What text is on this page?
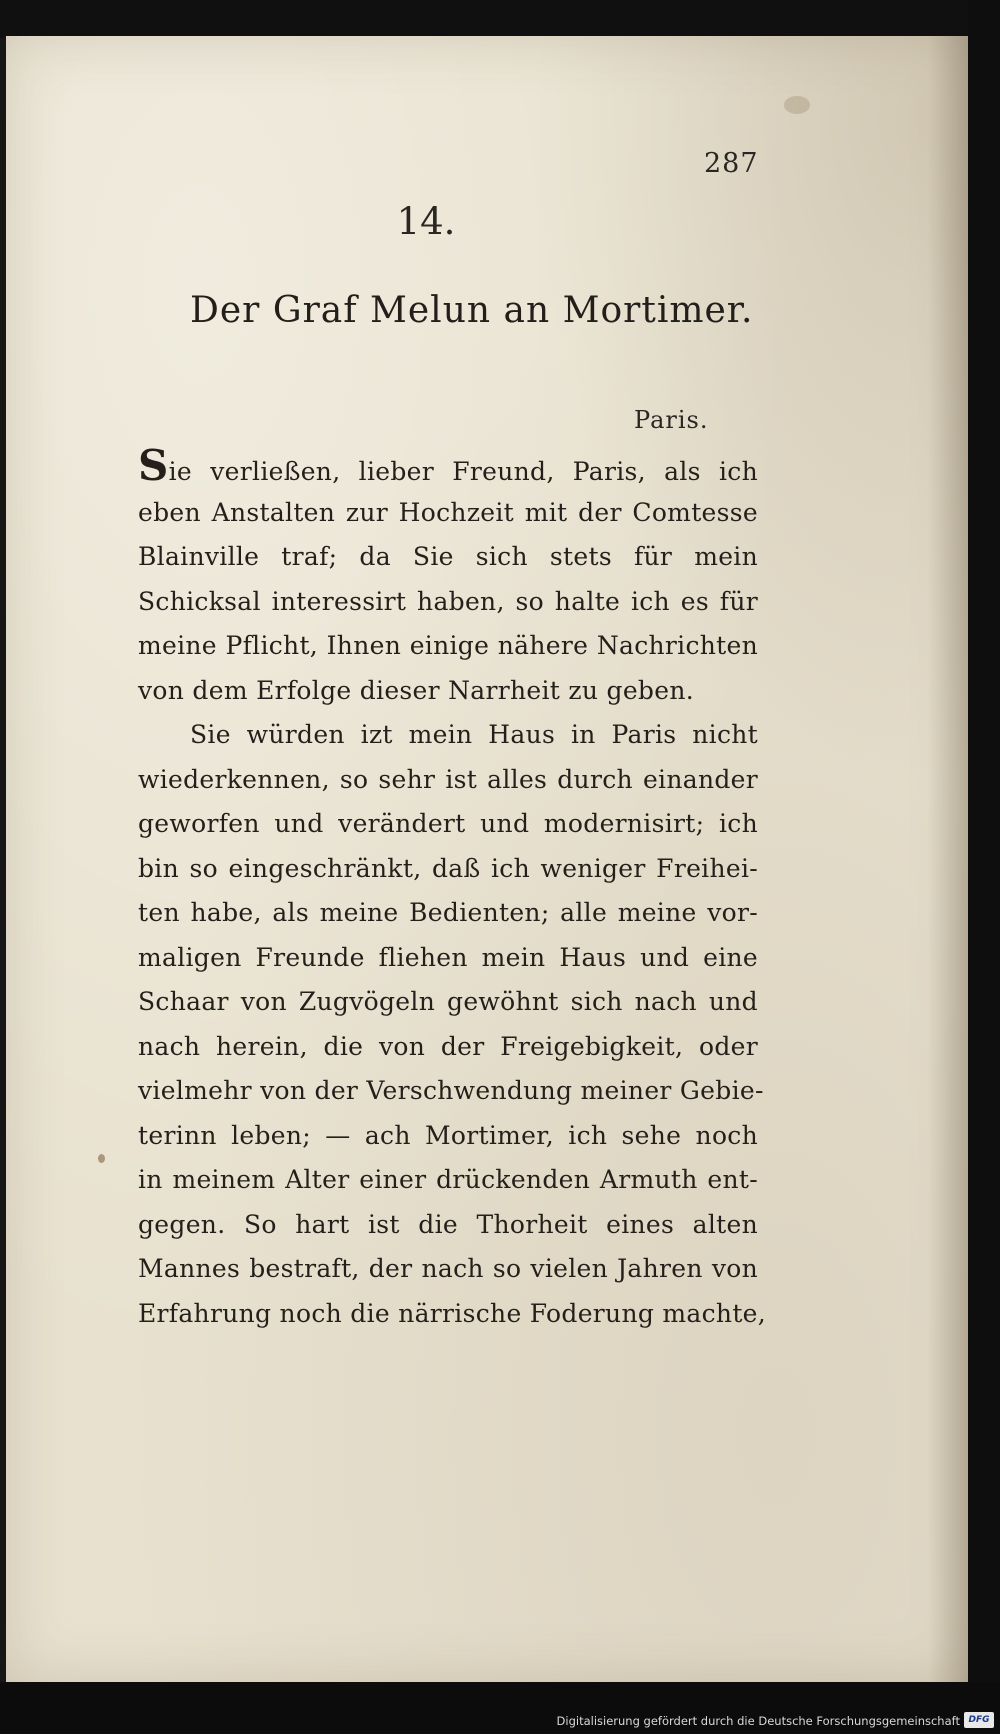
287
14.
Der Graf Melun an Mortimer.
Paris.
Sie verließen, lieber Freund, Paris, als ich
eben Anstalten zur Hochzeit mit der Comtesse
Blainville traf; da Sie sich stets für mein
Schicksal interessirt haben, so halte ich es für
meine Pflicht, Ihnen einige nähere Nachrichten
von dem Erfolge dieser Narrheit zu geben.
Sie würden izt mein Haus in Paris nicht
wiederkennen, so sehr ist alles durch einander
geworfen und verändert und modernisirt; ich
bin so eingeschränkt, daß ich weniger Freihei-
ten habe, als meine Bedienten; alle meine vor-
maligen Freunde fliehen mein Haus und eine
Schaar von Zugvögeln gewöhnt sich nach und
nach herein, die von der Freigebigkeit, oder
vielmehr von der Verschwendung meiner Gebie-
terinn leben; — ach Mortimer, ich sehe noch
in meinem Alter einer drückenden Armuth ent-
gegen. So hart ist die Thorheit eines alten
Mannes bestraft, der nach so vielen Jahren von
Erfahrung noch die närrische Foderung machte,
Digitalisierung gefördert durch die Deutsche Forschungsgemeinschaft DFG
